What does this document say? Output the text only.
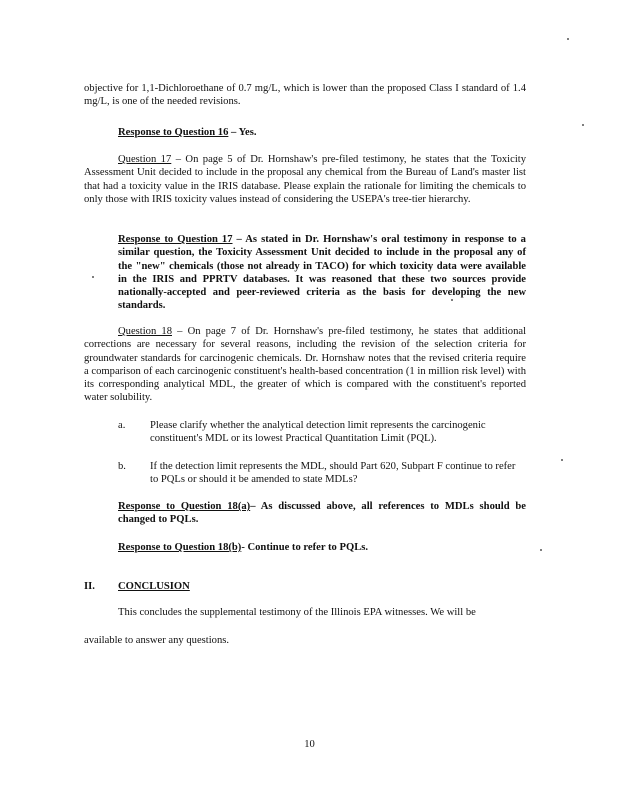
objective for 1,1-Dichloroethane of 0.7 mg/L, which is lower than the proposed Class I standard of 1.4 mg/L, is one of the needed revisions.
Response to Question 16 – Yes.
Question 17 – On page 5 of Dr. Hornshaw's pre-filed testimony, he states that the Toxicity Assessment Unit decided to include in the proposal any chemical from the Bureau of Land's master list that had a toxicity value in the IRIS database. Please explain the rationale for limiting the chemicals to only those with IRIS toxicity values instead of considering the USEPA's tree-tier hierarchy.
Response to Question 17 – As stated in Dr. Hornshaw's oral testimony in response to a similar question, the Toxicity Assessment Unit decided to include in the proposal any of the "new" chemicals (those not already in TACO) for which toxicity data were available in the IRIS and PPRTV databases. It was reasoned that these two sources provide nationally-accepted and peer-reviewed criteria as the basis for developing the new standards.
Question 18 – On page 7 of Dr. Hornshaw's pre-filed testimony, he states that additional corrections are necessary for several reasons, including the revision of the selection criteria for groundwater standards for carcinogenic chemicals. Dr. Hornshaw notes that the revised criteria require a comparison of each carcinogenic constituent's health-based concentration (1 in million risk level) with its corresponding analytical MDL, the greater of which is compared with the constituent's reported water solubility.
a. Please clarify whether the analytical detection limit represents the carcinogenic constituent's MDL or its lowest Practical Quantitation Limit (PQL).
b. If the detection limit represents the MDL, should Part 620, Subpart F continue to refer to PQLs or should it be amended to state MDLs?
Response to Question 18(a)– As discussed above, all references to MDLs should be changed to PQLs.
Response to Question 18(b)- Continue to refer to PQLs.
II. CONCLUSION
This concludes the supplemental testimony of the Illinois EPA witnesses. We will be
available to answer any questions.
10
